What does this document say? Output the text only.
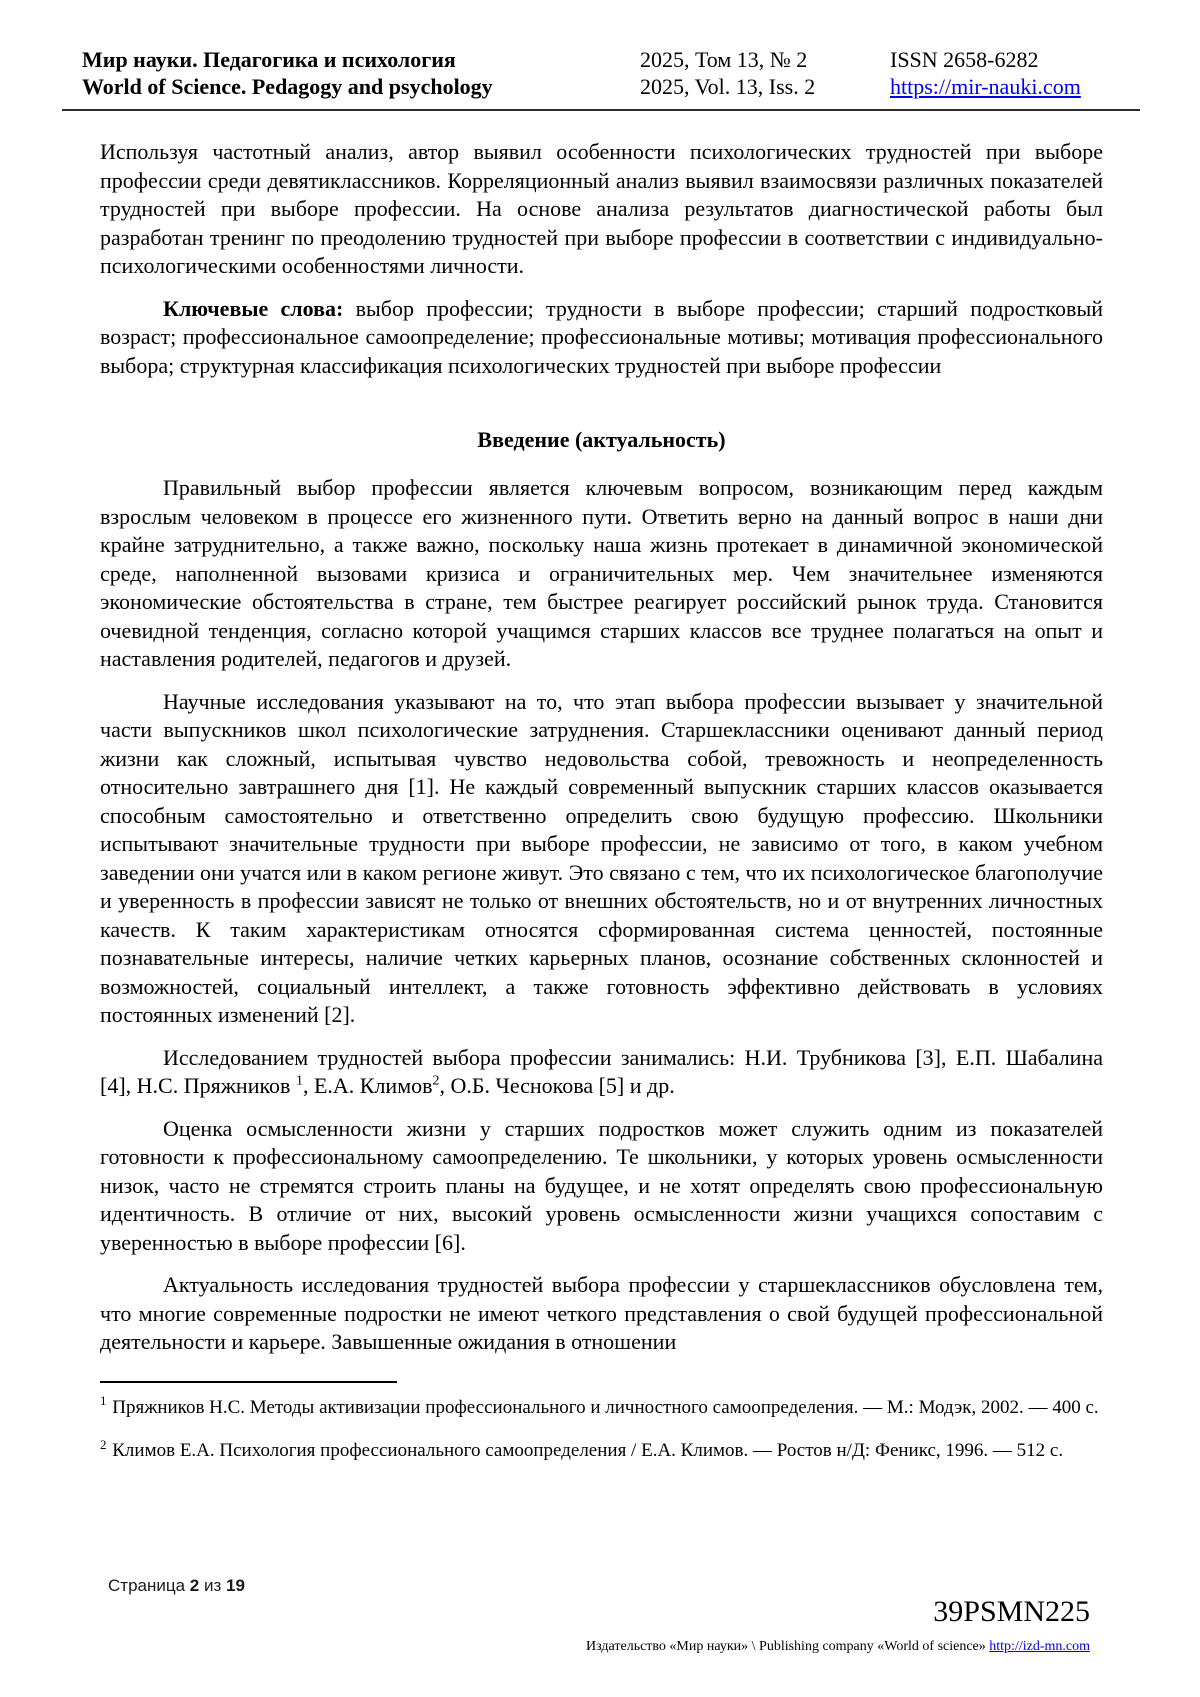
Мир науки. Педагогика и психология
World of Science. Pedagogy and psychology
2025, Том 13, № 2
2025, Vol. 13, Iss. 2
ISSN 2658-6282
https://mir-nauki.com

Используя частотный анализ, автор выявил особенности психологических трудностей при выборе профессии среди девятиклассников. Корреляционный анализ выявил взаимосвязи различных показателей трудностей при выборе профессии. На основе анализа результатов диагностической работы был разработан тренинг по преодолению трудностей при выборе профессии в соответствии с индивидуально-психологическими особенностями личности.

Ключевые слова: выбор профессии; трудности в выборе профессии; старший подростковый возраст; профессиональное самоопределение; профессиональные мотивы; мотивация профессионального выбора; структурная классификация психологических трудностей при выборе профессии

Введение (актуальность)

Правильный выбор профессии является ключевым вопросом, возникающим перед каждым взрослым человеком в процессе его жизненного пути. Ответить верно на данный вопрос в наши дни крайне затруднительно, а также важно, поскольку наша жизнь протекает в динамичной экономической среде, наполненной вызовами кризиса и ограничительных мер. Чем значительнее изменяются экономические обстоятельства в стране, тем быстрее реагирует российский рынок труда. Становится очевидной тенденция, согласно которой учащимся старших классов все труднее полагаться на опыт и наставления родителей, педагогов и друзей.

Научные исследования указывают на то, что этап выбора профессии вызывает у значительной части выпускников школ психологические затруднения. Старшеклассники оценивают данный период жизни как сложный, испытывая чувство недовольства собой, тревожность и неопределенность относительно завтрашнего дня [1]. Не каждый современный выпускник старших классов оказывается способным самостоятельно и ответственно определить свою будущую профессию. Школьники испытывают значительные трудности при выборе профессии, не зависимо от того, в каком учебном заведении они учатся или в каком регионе живут. Это связано с тем, что их психологическое благополучие и уверенность в профессии зависят не только от внешних обстоятельств, но и от внутренних личностных качеств. К таким характеристикам относятся сформированная система ценностей, постоянные познавательные интересы, наличие четких карьерных планов, осознание собственных склонностей и возможностей, социальный интеллект, а также готовность эффективно действовать в условиях постоянных изменений [2].

Исследованием трудностей выбора профессии занимались: Н.И. Трубникова [3], Е.П. Шабалина [4], Н.С. Пряжников $^1$, Е.А. Климов$^2$, О.Б. Чеснокова [5] и др.

Оценка осмысленности жизни у старших подростков может служить одним из показателей готовности к профессиональному самоопределению. Те школьники, у которых уровень осмысленности низок, часто не стремятся строить планы на будущее, и не хотят определять свою профессиональную идентичность. В отличие от них, высокий уровень осмысленности жизни учащихся сопоставим с уверенностью в выборе профессии [6].

Актуальность исследования трудностей выбора профессии у старшеклассников обусловлена тем, что многие современные подростки не имеют четкого представления о свой будущей профессиональной деятельности и карьере. Завышенные ожидания в отношении

$^1$ Пряжников Н.С. Методы активизации профессионального и личностного самоопределения. — М.: Модэк, 2002. — 400 с.

$^2$ Климов Е.А. Психология профессионального самоопределения / Е.А. Климов. — Ростов н/Д: Феникс, 1996. — 512 с.

Страница 2 из 19
39PSMN225
Издательство «Мир науки» \ Publishing company «World of science» http://izd-mn.com
